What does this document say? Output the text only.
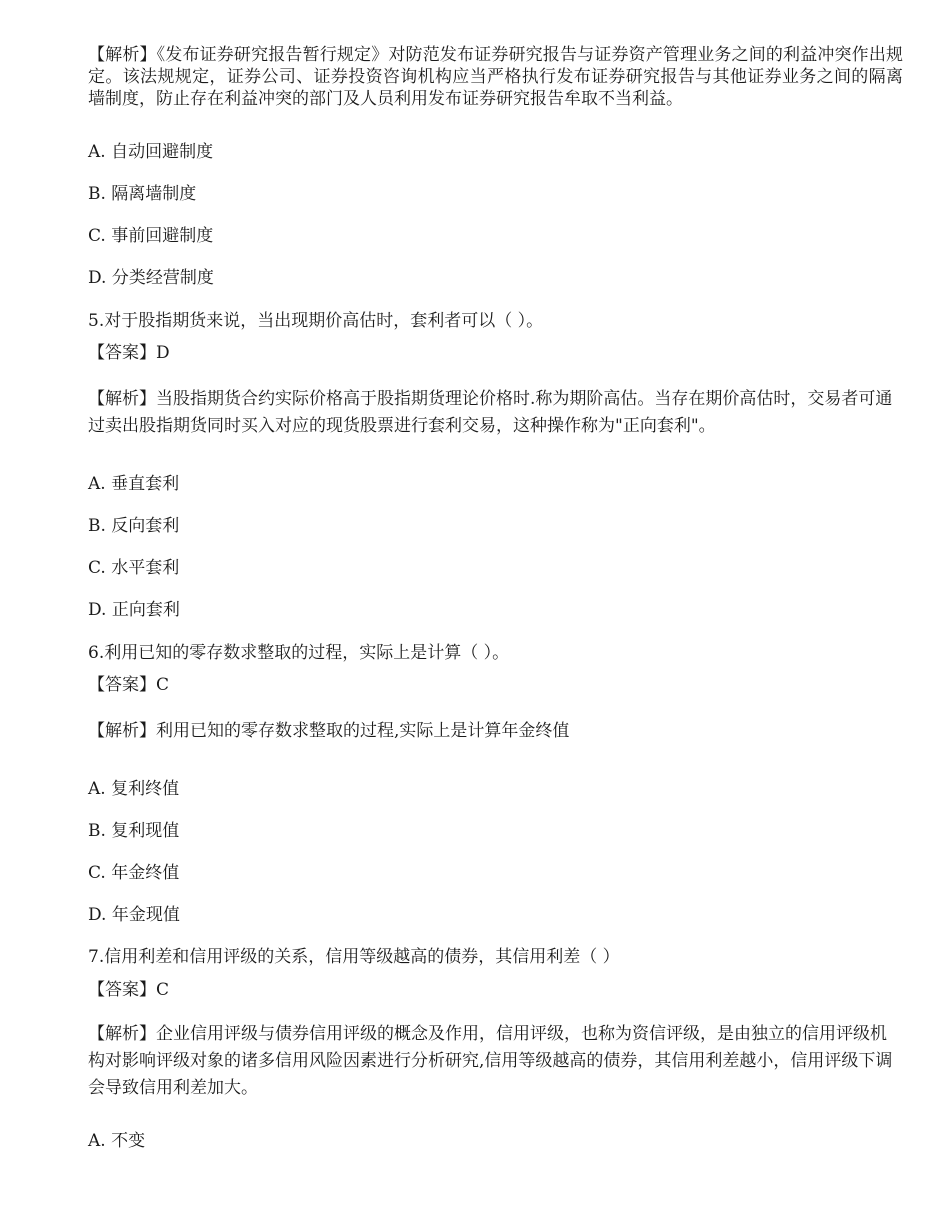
【解析】《发布证券研究报告暂行规定》对防范发布证券研究报告与证券资产管理业务之间的利益冲突作出规定。该法规规定，证券公司、证券投资咨询机构应当严格执行发布证券研究报告与其他证券业务之间的隔离墙制度，防止存在利益冲突的部门及人员利用发布证券研究报告牟取不当利益。

A. 自动回避制度

B. 隔离墙制度

C. 事前回避制度

D. 分类经营制度

5.对于股指期货来说，当出现期价高估时，套利者可以（ ）。

【答案】D

【解析】当股指期货合约实际价格高于股指期货理论价格时.称为期阶高估。当存在期价高估时，交易者可通过卖出股指期货同时买入对应的现货股票进行套利交易，这种操作称为"正向套利"。

A. 垂直套利

B. 反向套利

C. 水平套利

D. 正向套利

6.利用已知的零存数求整取的过程，实际上是计算（ ）。

【答案】C

【解析】利用已知的零存数求整取的过程,实际上是计算年金终值

A. 复利终值

B. 复利现值

C. 年金终值

D. 年金现值

7.信用利差和信用评级的关系，信用等级越高的债券，其信用利差（ ）

【答案】C

【解析】企业信用评级与债券信用评级的概念及作用，信用评级，也称为资信评级，是由独立的信用评级机构对影响评级对象的诸多信用风险因素进行分析研究,信用等级越高的债券，其信用利差越小，信用评级下调会导致信用利差加大。

A. 不变
